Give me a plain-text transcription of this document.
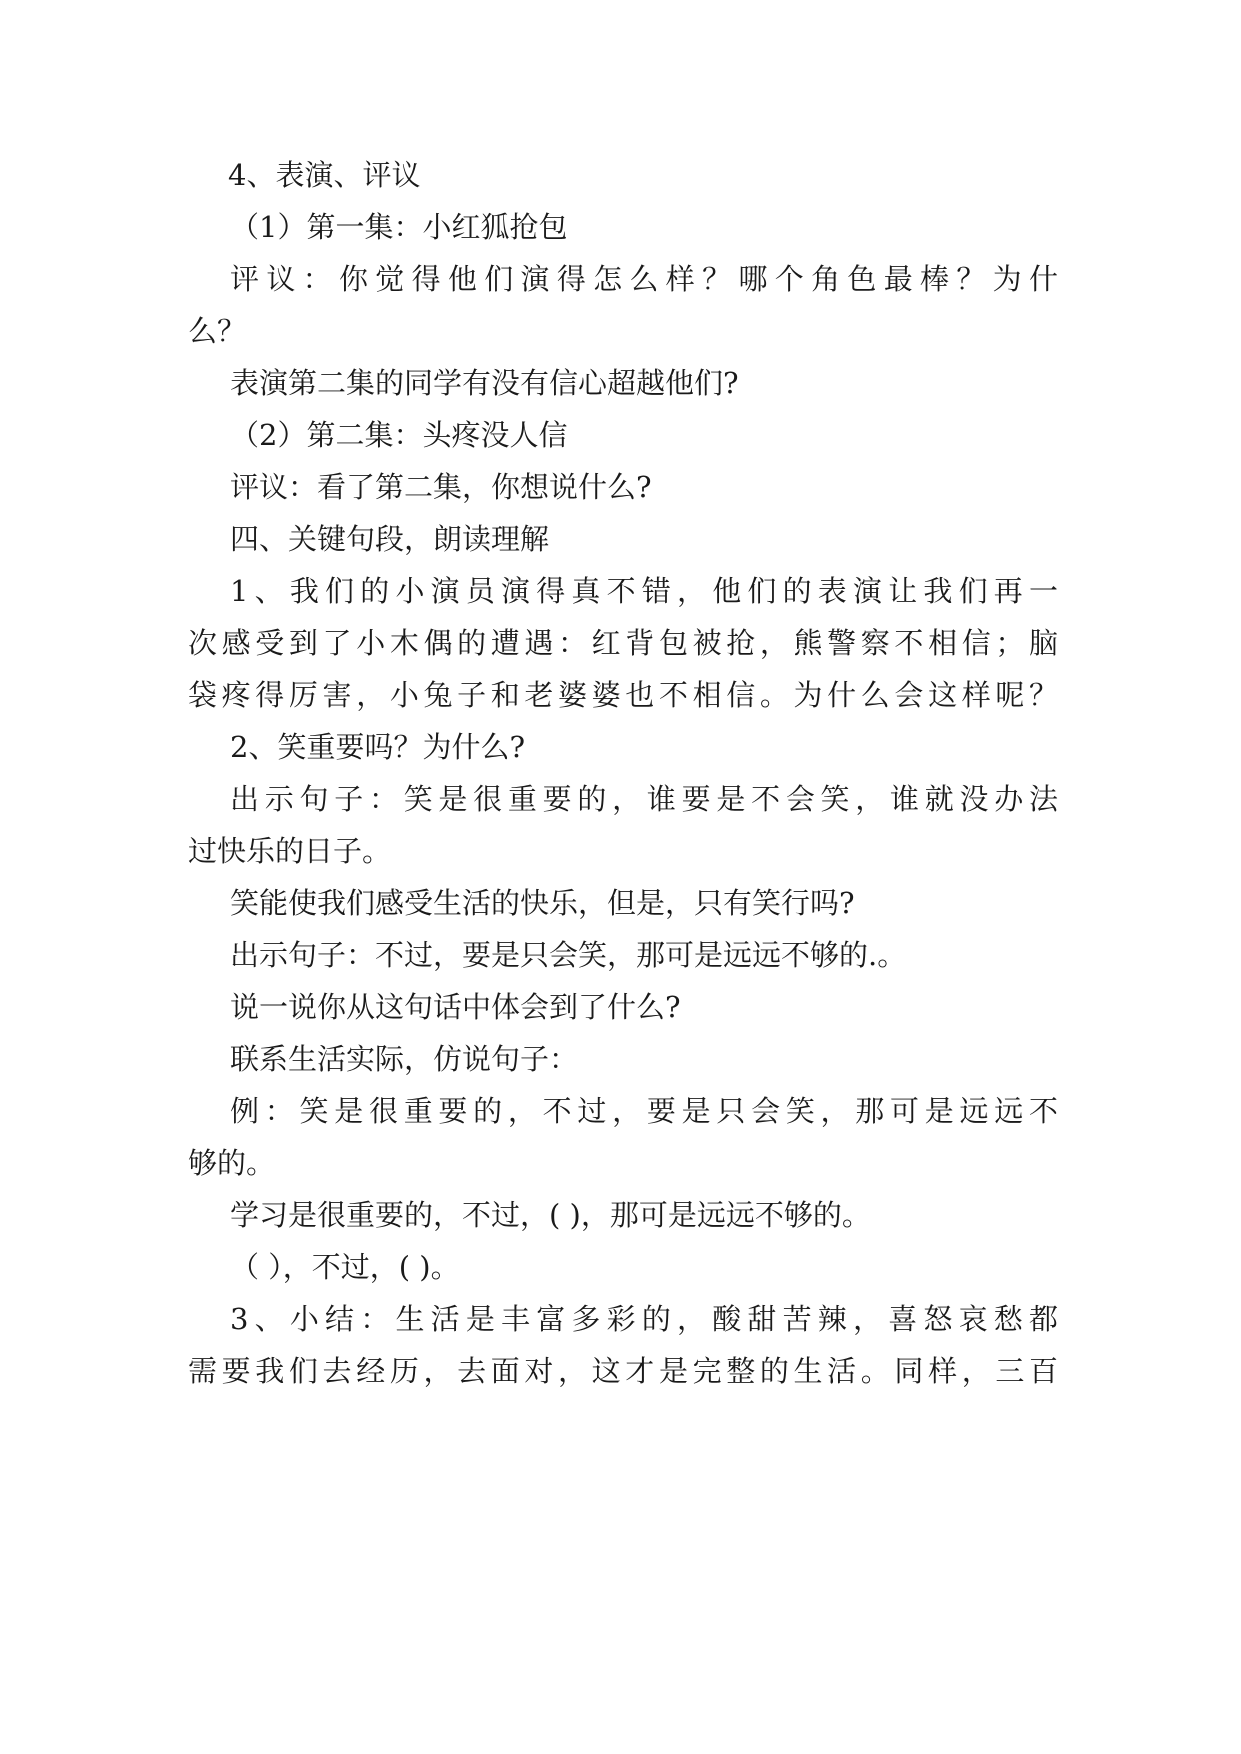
4、表演、评议
（1）第一集：小红狐抢包
评议：你觉得他们演得怎么样？哪个角色最棒？为什
么？
表演第二集的同学有没有信心超越他们?
（2）第二集：头疼没人信
评议：看了第二集，你想说什么?
四、关键句段，朗读理解
1、我们的小演员演得真不错，他们的表演让我们再一
次感受到了小木偶的遭遇：红背包被抢，熊警察不相信；脑
袋疼得厉害，小兔子和老婆婆也不相信。为什么会这样呢？
2、笑重要吗？为什么?
出示句子：笑是很重要的，谁要是不会笑，谁就没办法
过快乐的日子。
笑能使我们感受生活的快乐，但是，只有笑行吗?
出示句子：不过，要是只会笑，那可是远远不够的.。
说一说你从这句话中体会到了什么?
联系生活实际，仿说句子：
例：笑是很重要的，不过，要是只会笑，那可是远远不
够的。
学习是很重要的，不过，( )，那可是远远不够的。
（ ），不过，( )。
3、小结：生活是丰富多彩的，酸甜苦辣，喜怒哀愁都
需要我们去经历，去面对，这才是完整的生活。同样，三百
